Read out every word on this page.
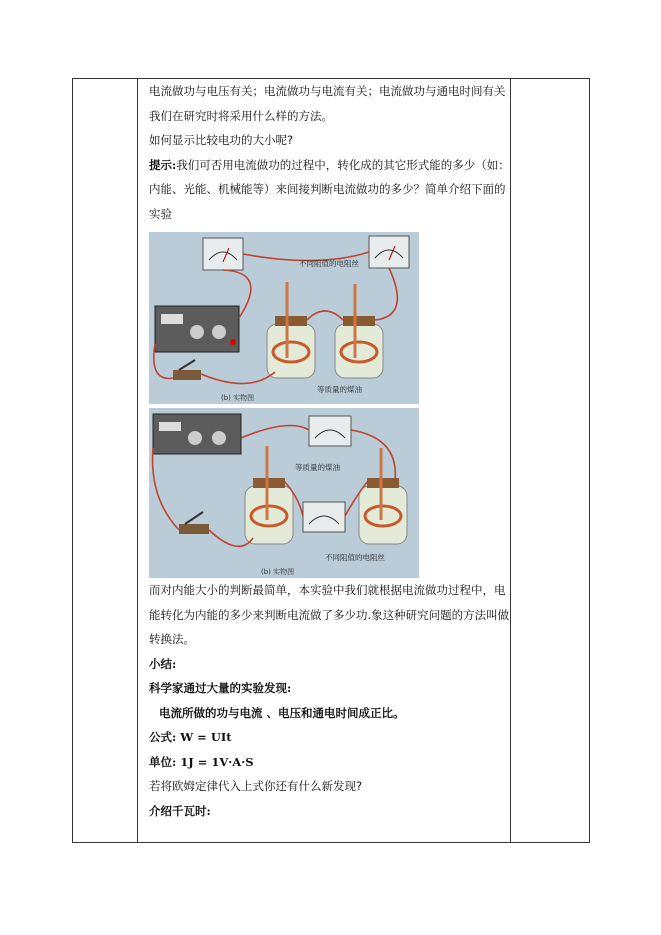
电流做功与电压有关；电流做功与电流有关；电流做功与通电时间有关

我们在研究时将采用什么样的方法。

如何显示比较电功的大小呢?

提示:我们可否用电流做功的过程中，转化成的其它形式能的多少（如：内能、光能、机械能等）来间接判断电流做功的多少？简单介绍下面的实验

不同阻值的电阻丝
等质量的煤油
(b) 实物图
等质量的煤油
不同阻值的电阻丝
(b) 实物图

而对内能大小的判断最简单，本实验中我们就根据电流做功过程中，电能转化为内能的多少来判断电流做了多少功.象这种研究问题的方法叫做转换法。

小结:

科学家通过大量的实验发现:

电流所做的功与电流 、电压和通电时间成正比。

公式: W = UIt

单位: 1J = 1V·A·S

若将欧姆定律代入上式你还有什么新发现?

介绍千瓦时:
